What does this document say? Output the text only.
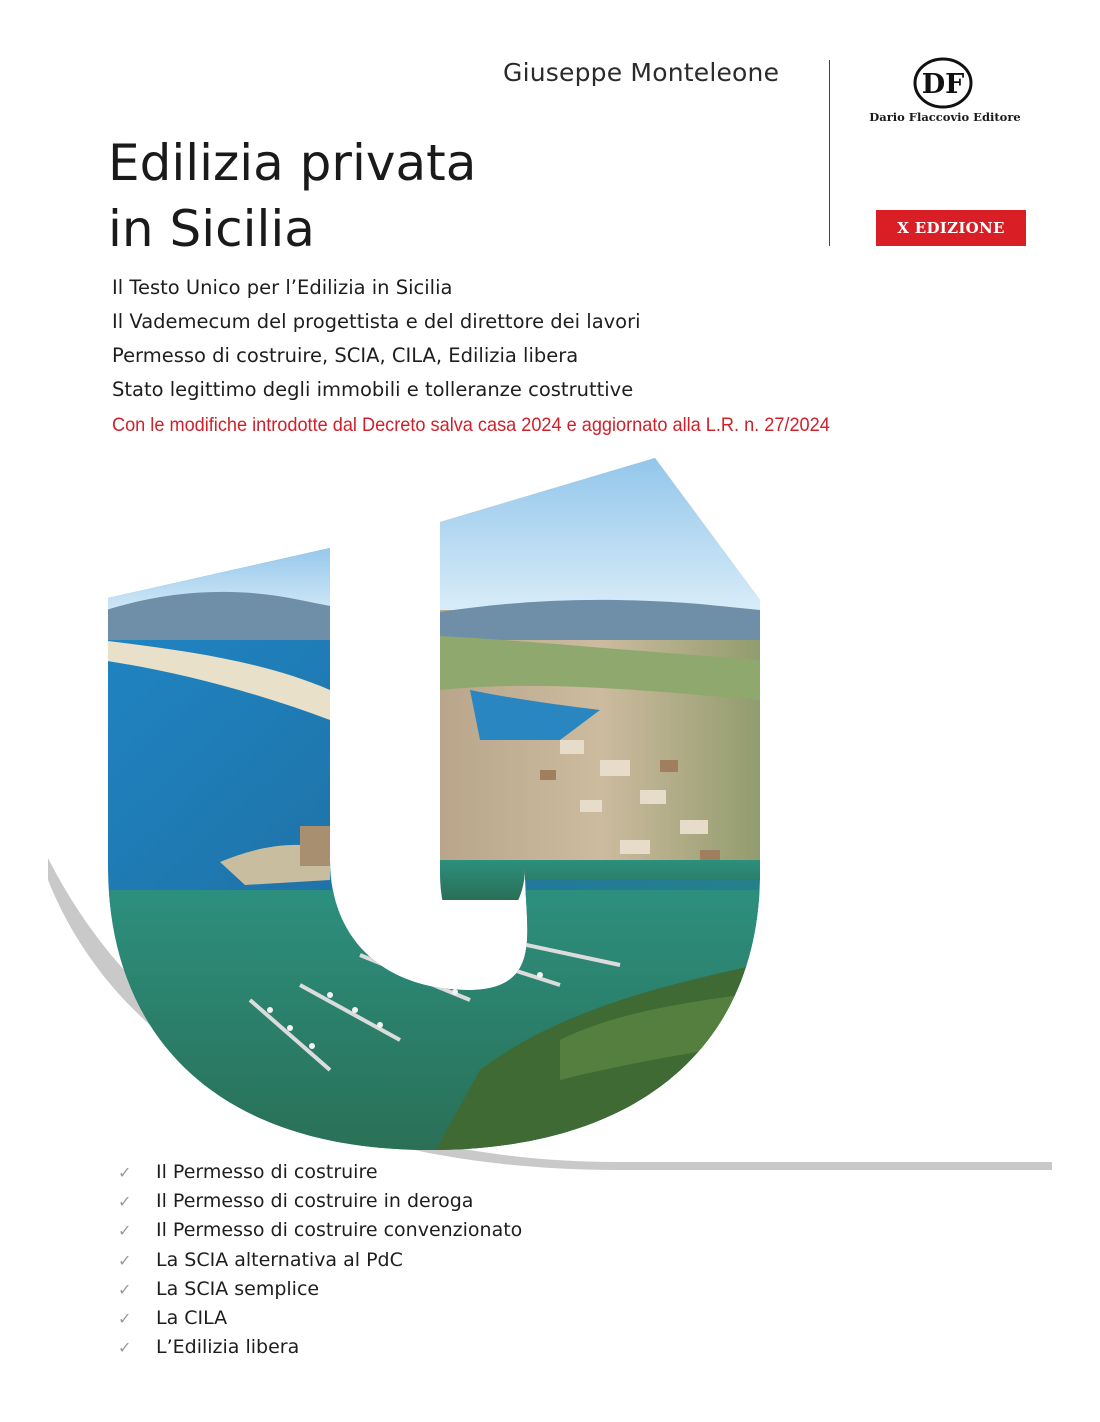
Giuseppe Monteleone	DF
Dario Flaccovio Editore
X EDIZIONE
Edilizia privata
in Sicilia
Il Testo Unico per l’Edilizia in Sicilia
Il Vademecum del progettista e del direttore dei lavori
Permesso di costruire, SCIA, CILA, Edilizia libera
Stato legittimo degli immobili e tolleranze costruttive
Con le modifiche introdotte dal Decreto salva casa 2024 e aggiornato alla L.R. n. 27/2024
✓	Il Permesso di costruire
✓	Il Permesso di costruire in deroga
✓	Il Permesso di costruire convenzionato
✓	La SCIA alternativa al PdC
✓	La SCIA semplice
✓	La CILA
✓	L’Edilizia libera
